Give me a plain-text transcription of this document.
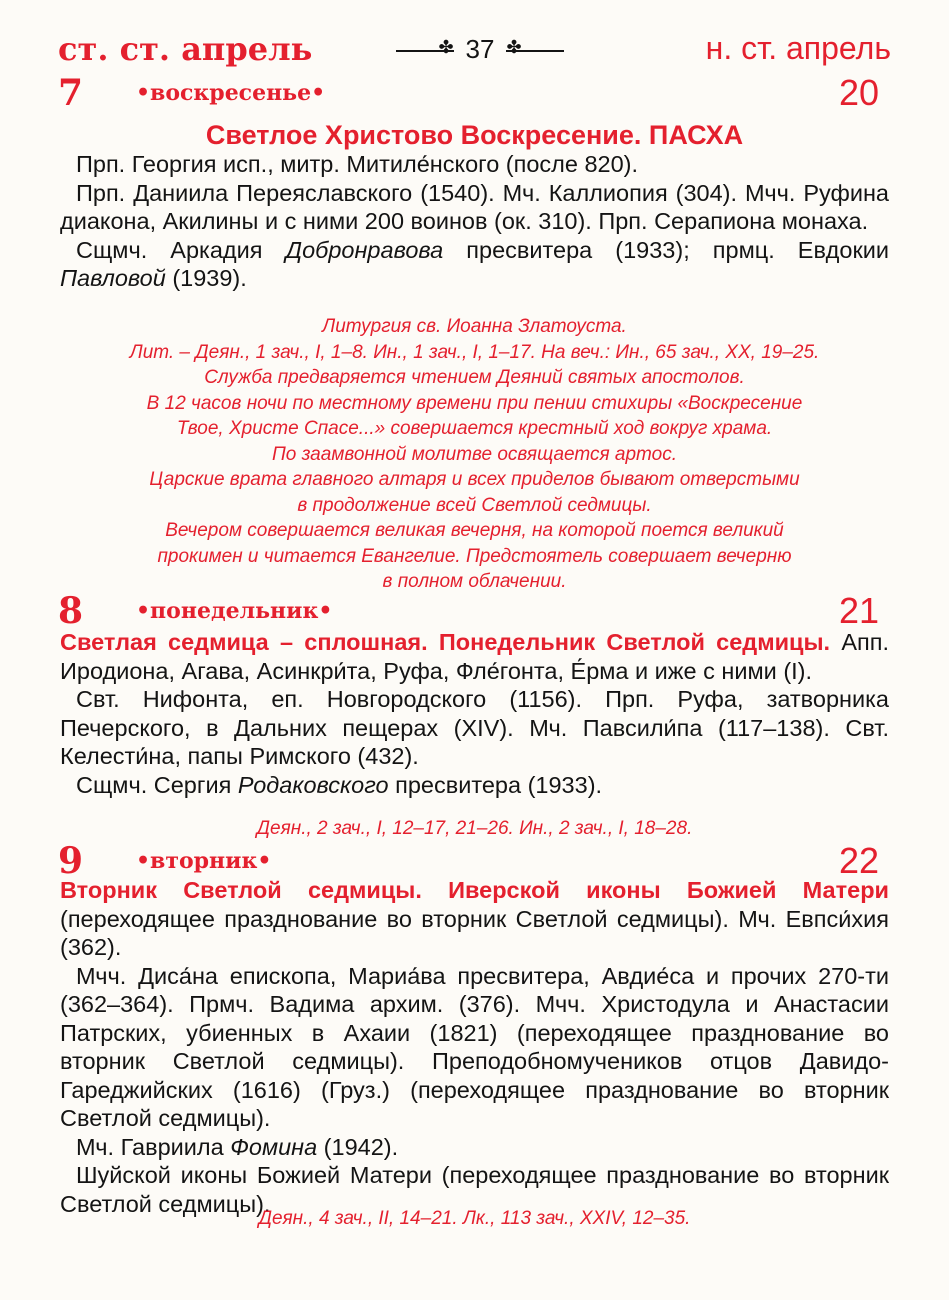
ст. ст. апрель ✤	37 ✤	н. ст. апрель
7 •воскресенье•	20
Светлое Христово Воскресение. ПАСХА

Прп. Георгия исп., митр. Митиле́нского (после 820).

Прп. Даниила Переяславского (1540). Мч. Каллиопия (304). Мчч. Руфина диакона, Акилины и с ними 200 воинов (ок. 310). Прп. Серапиона монаха.

Сщмч. Аркадия Добронравова пресвитера (1933); прмц. Евдокии Павловой (1939).

Литургия св. Иоанна Златоуста.

Лит. – Деян., 1 зач., I, 1–8. Ин., 1 зач., I, 1–17. На веч.: Ин., 65 зач., XX, 19–25.

Служба предваряется чтением Деяний святых апостолов.

В 12 часов ночи по местному времени при пении стихиры «Воскресение

Твое, Христе Спасе...» совершается крестный ход вокруг храма.

По заамвонной молитве освящается артос.

Царские врата главного алтаря и всех приделов бывают отверстыми

в продолжение всей Светлой седмицы.

Вечером совершается великая вечерня, на которой поется великий

прокимен и читается Евангелие. Предстоятель совершает вечерню

в полном облачении.

8 •понедельник•	21

Светлая седмица – сплошная. Понедельник Светлой седмицы. Апп. Иродиона, Агава, Асинкри́та, Руфа, Фле́гонта, Е́рма и иже с ними (I).

Свт. Нифонта, еп. Новгородского (1156). Прп. Руфа, затворника Печерского, в Дальних пещерах (XIV). Мч. Павсили́па (117–138). Свт. Келести́на, папы Римского (432).

Сщмч. Сергия Родаковского пресвитера (1933).

Деян., 2 зач., I, 12–17, 21–26. Ин., 2 зач., I, 18–28.
9 •вторник•	22

Вторник Светлой седмицы. Иверской иконы Божией Матери (переходящее празднование во вторник Светлой седмицы). Мч. Евпси́хия (362).

Мчч. Диса́на епископа, Мариа́ва пресвитера, Авдие́са и прочих 270-ти (362–364). Прмч. Вадима архим. (376). Мчч. Христодула и Анастасии Патрских, убиенных в Ахаии (1821) (переходящее празднование во вторник Светлой седмицы). Преподобномучеников отцов Давидо-Гареджийских (1616) (Груз.) (переходящее празднование во вторник Светлой седмицы).

Мч. Гавриила Фомина (1942).

Шуйской иконы Божией Матери (переходящее празднование во вторник Светлой седмицы).

Деян., 4 зач., II, 14–21. Лк., 113 зач., XXIV, 12–35.
